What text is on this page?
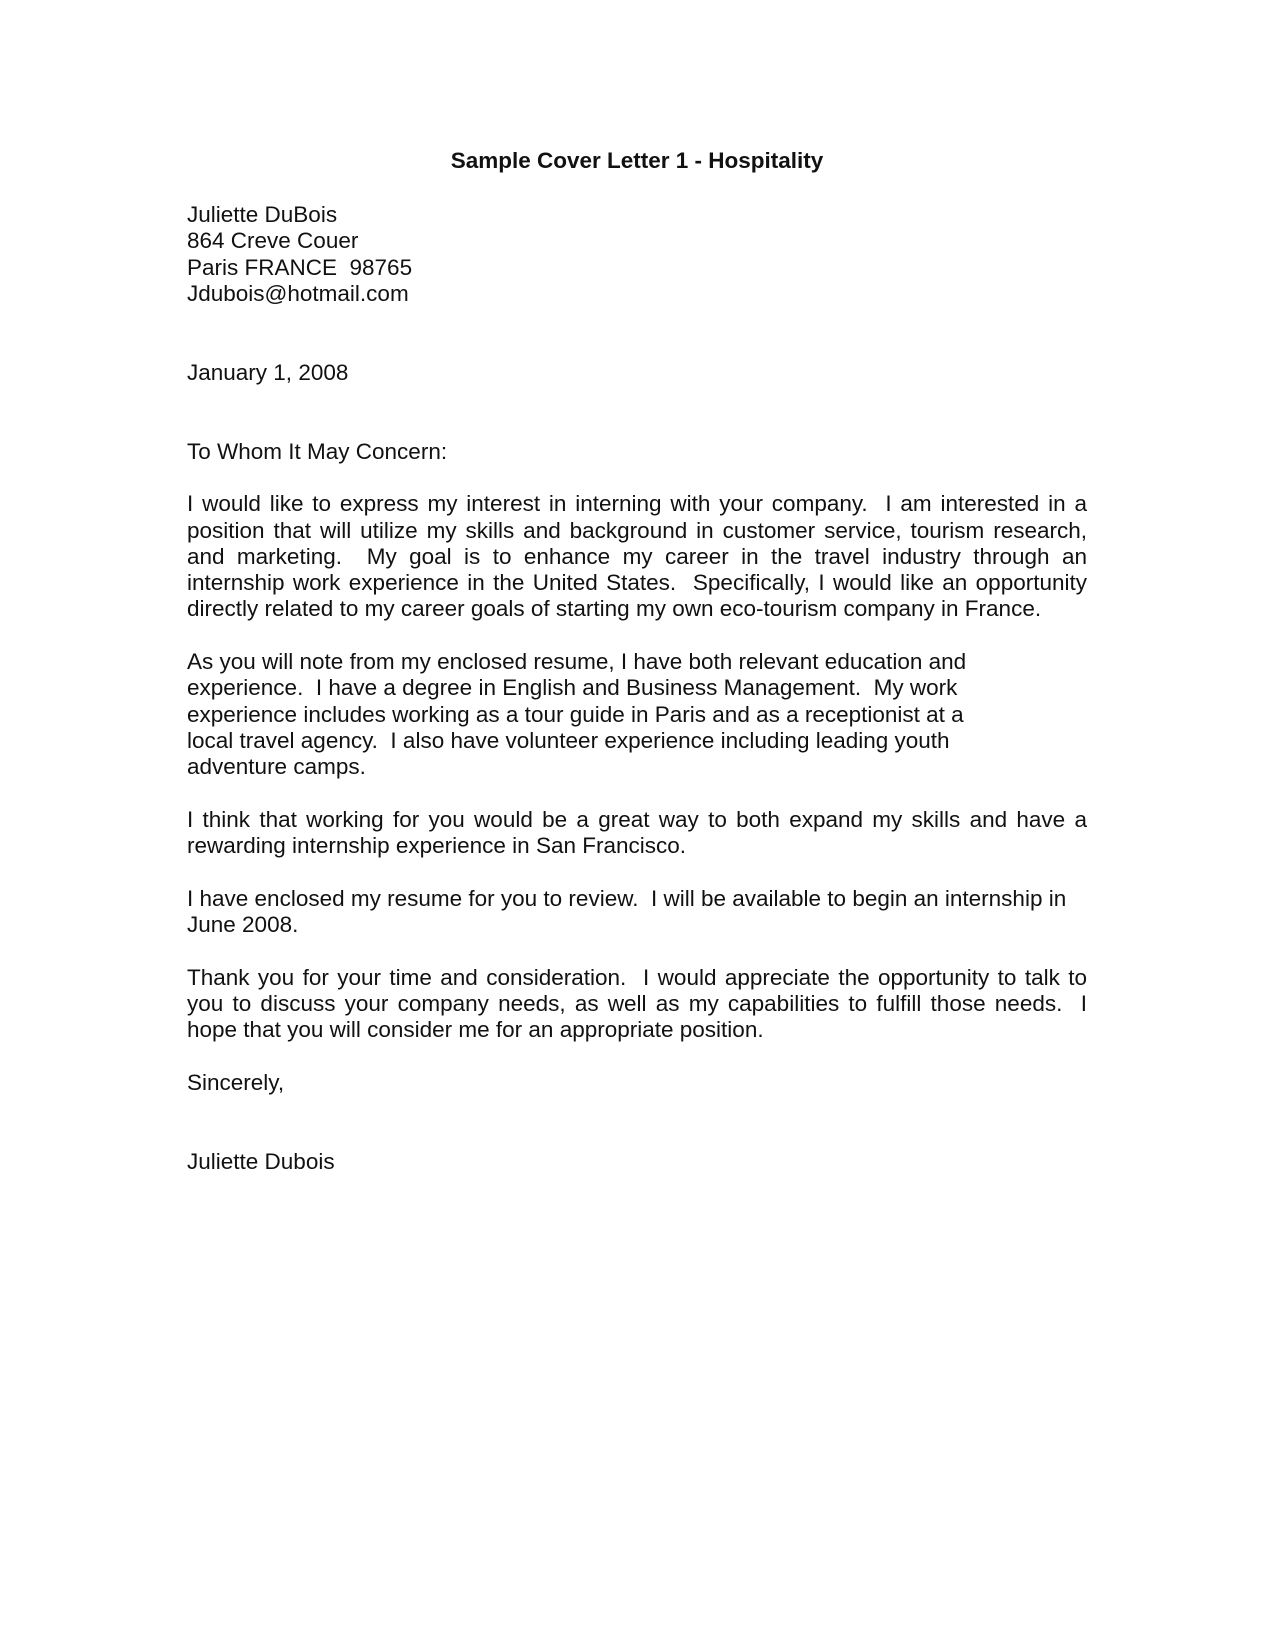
Sample Cover Letter 1 - Hospitality
Juliette DuBois
864 Creve Couer
Paris FRANCE  98765
Jdubois@hotmail.com

January 1, 2008

To Whom It May Concern:

I would like to express my interest in interning with your company.  I am interested in a position that will utilize my skills and background in customer service, tourism research, and marketing.  My goal is to enhance my career in the travel industry through an internship work experience in the United States.  Specifically, I would like an opportunity directly related to my career goals of starting my own eco-tourism company in France.

As you will note from my enclosed resume, I have both relevant education and experience.  I have a degree in English and Business Management.  My work experience includes working as a tour guide in Paris and as a receptionist at a local travel agency.  I also have volunteer experience including leading youth adventure camps.

I think that working for you would be a great way to both expand my skills and have a rewarding internship experience in San Francisco.

I have enclosed my resume for you to review.  I will be available to begin an internship in June 2008.

Thank you for your time and consideration.  I would appreciate the opportunity to talk to you to discuss your company needs, as well as my capabilities to fulfill those needs.  I hope that you will consider me for an appropriate position.

Sincerely,

Juliette Dubois
